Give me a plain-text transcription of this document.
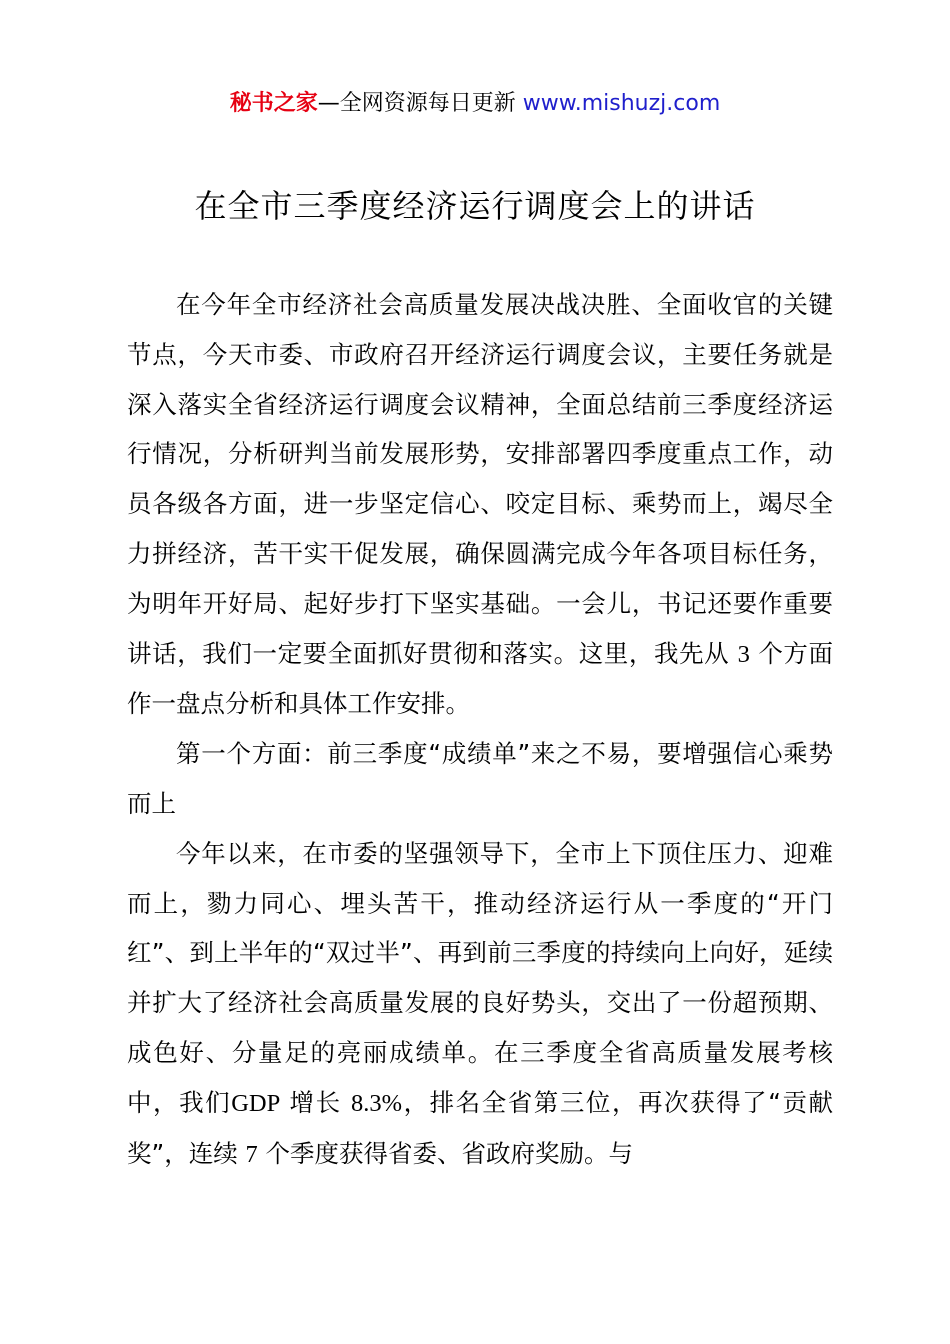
秘书之家—全网资源每日更新 www.mishuzj.com
在全市三季度经济运行调度会上的讲话

在今年全市经济社会高质量发展决战决胜、全面收官的关键节点，今天市委、市政府召开经济运行调度会议，主要任务就是深入落实全省经济运行调度会议精神，全面总结前三季度经济运行情况，分析研判当前发展形势，安排部署四季度重点工作，动员各级各方面，进一步坚定信心、咬定目标、乘势而上，竭尽全力拼经济，苦干实干促发展，确保圆满完成今年各项目标任务，为明年开好局、起好步打下坚实基础。一会儿，书记还要作重要讲话，我们一定要全面抓好贯彻和落实。这里，我先从 3 个方面作一盘点分析和具体工作安排。

第一个方面：前三季度“成绩单”来之不易，要增强信心乘势而上

今年以来，在市委的坚强领导下，全市上下顶住压力、迎难而上，勠力同心、埋头苦干，推动经济运行从一季度的“开门红”、到上半年的“双过半”、再到前三季度的持续向上向好，延续并扩大了经济社会高质量发展的良好势头，交出了一份超预期、成色好、分量足的亮丽成绩单。在三季度全省高质量发展考核中，我们GDP 增长 8.3%，排名全省第三位，再次获得了“贡献奖”，连续 7 个季度获得省委、省政府奖励。与
